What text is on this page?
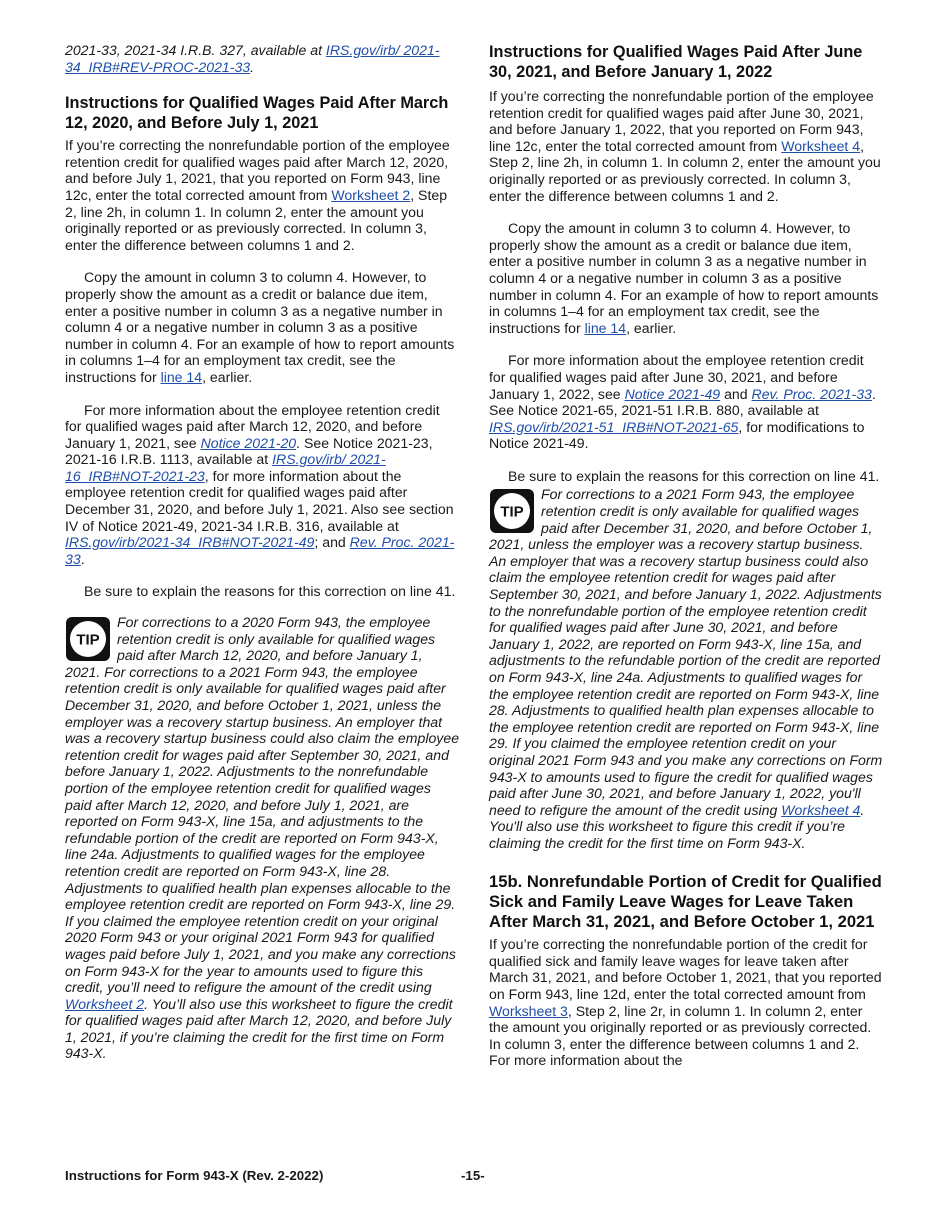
2021-33, 2021-34 I.R.B. 327, available at IRS.gov/irb/ 2021-34_IRB#REV-PROC-2021-33.

Instructions for Qualified Wages Paid After March 12, 2020, and Before July 1, 2021

If you’re correcting the nonrefundable portion of the employee retention credit for qualified wages paid after March 12, 2020, and before July 1, 2021, that you reported on Form 943, line 12c, enter the total corrected amount from Worksheet 2, Step 2, line 2h, in column 1. In column 2, enter the amount you originally reported or as previously corrected. In column 3, enter the difference between columns 1 and 2.

Copy the amount in column 3 to column 4. However, to properly show the amount as a credit or balance due item, enter a positive number in column 3 as a negative number in column 4 or a negative number in column 3 as a positive number in column 4. For an example of how to report amounts in columns 1–4 for an employment tax credit, see the instructions for line 14, earlier.

For more information about the employee retention credit for qualified wages paid after March 12, 2020, and before January 1, 2021, see Notice 2021-20. See Notice 2021-23, 2021-16 I.R.B. 1113, available at IRS.gov/irb/ 2021-16_IRB#NOT-2021-23, for more information about the employee retention credit for qualified wages paid after December 31, 2020, and before July 1, 2021. Also see section IV of Notice 2021-49, 2021-34 I.R.B. 316, available at IRS.gov/irb/2021-34_IRB#NOT-2021-49; and Rev. Proc. 2021-33.

Be sure to explain the reasons for this correction on line 41.

TIP
For corrections to a 2020 Form 943, the employee retention credit is only available for qualified wages paid after March 12, 2020, and before January 1, 2021. For corrections to a 2021 Form 943, the employee retention credit is only available for qualified wages paid after December 31, 2020, and before October 1, 2021, unless the employer was a recovery startup business. An employer that was a recovery startup business could also claim the employee retention credit for wages paid after September 30, 2021, and before January 1, 2022. Adjustments to the nonrefundable portion of the employee retention credit for qualified wages paid after March 12, 2020, and before July 1, 2021, are reported on Form 943-X, line 15a, and adjustments to the refundable portion of the credit are reported on Form 943-X, line 24a. Adjustments to qualified wages for the employee retention credit are reported on Form 943-X, line 28. Adjustments to qualified health plan expenses allocable to the employee retention credit are reported on Form 943-X, line 29. If you claimed the employee retention credit on your original 2020 Form 943 or your original 2021 Form 943 for qualified wages paid before July 1, 2021, and you make any corrections on Form 943-X for the year to amounts used to figure this credit, you’ll need to refigure the amount of the credit using Worksheet 2. You’ll also use this worksheet to figure the credit for qualified wages paid after March 12, 2020, and before July 1, 2021, if you’re claiming the credit for the first time on Form 943-X.
Instructions for Qualified Wages Paid After June 30, 2021, and Before January 1, 2022

If you’re correcting the nonrefundable portion of the employee retention credit for qualified wages paid after June 30, 2021, and before January 1, 2022, that you reported on Form 943, line 12c, enter the total corrected amount from Worksheet 4, Step 2, line 2h, in column 1. In column 2, enter the amount you originally reported or as previously corrected. In column 3, enter the difference between columns 1 and 2.

Copy the amount in column 3 to column 4. However, to properly show the amount as a credit or balance due item, enter a positive number in column 3 as a negative number in column 4 or a negative number in column 3 as a positive number in column 4. For an example of how to report amounts in columns 1–4 for an employment tax credit, see the instructions for line 14, earlier.

For more information about the employee retention credit for qualified wages paid after June 30, 2021, and before January 1, 2022, see Notice 2021-49 and Rev. Proc. 2021-33. See Notice 2021-65, 2021-51 I.R.B. 880, available at IRS.gov/irb/2021-51_IRB#NOT-2021-65, for modifications to Notice 2021-49.

Be sure to explain the reasons for this correction on line 41.

TIP
For corrections to a 2021 Form 943, the employee retention credit is only available for qualified wages paid after December 31, 2020, and before October 1, 2021, unless the employer was a recovery startup business. An employer that was a recovery startup business could also claim the employee retention credit for wages paid after September 30, 2021, and before January 1, 2022. Adjustments to the nonrefundable portion of the employee retention credit for qualified wages paid after June 30, 2021, and before January 1, 2022, are reported on Form 943-X, line 15a, and adjustments to the refundable portion of the credit are reported on Form 943-X, line 24a. Adjustments to qualified wages for the employee retention credit are reported on Form 943-X, line 28. Adjustments to qualified health plan expenses allocable to the employee retention credit are reported on Form 943-X, line 29. If you claimed the employee retention credit on your original 2021 Form 943 and you make any corrections on Form 943-X to amounts used to figure the credit for qualified wages paid after June 30, 2021, and before January 1, 2022, you'll need to refigure the amount of the credit using Worksheet 4. You'll also use this worksheet to figure this credit if you’re claiming the credit for the first time on Form 943-X.
15b. Nonrefundable Portion of Credit for Qualified Sick and Family Leave Wages for Leave Taken After March 31, 2021, and Before October 1, 2021

If you’re correcting the nonrefundable portion of the credit for qualified sick and family leave wages for leave taken after March 31, 2021, and before October 1, 2021, that you reported on Form 943, line 12d, enter the total corrected amount from Worksheet 3, Step 2, line 2r, in column 1. In column 2, enter the amount you originally reported or as previously corrected. In column 3, enter the difference between columns 1 and 2. For more information about the

Instructions for Form 943-X (Rev. 2-2022)	-15-
